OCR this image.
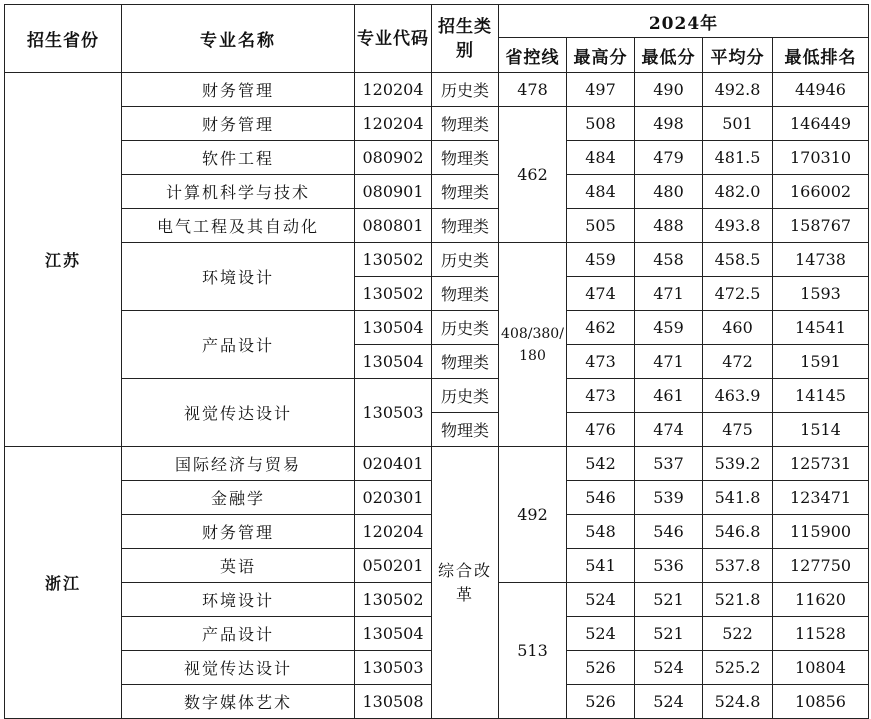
招生省份	专业名称	专业代码	招生类别	2024年				
				省控线	最高分	最低分	平均分	最低排名
江苏	财务管理	120204	历史类	478	497	490	492.8	44946
	财务管理	120204	物理类	462	508	498	501	146449
	软件工程	080902	物理类		484	479	481.5	170310
	计算机科学与技术	080901	物理类		484	480	482.0	166002
	电气工程及其自动化	080801	物理类		505	488	493.8	158767
	环境设计	130502	历史类	408/380/180	459	458	458.5	14738
		130502	物理类		474	471	472.5	1593
	产品设计	130504	历史类		462	459	460	14541
		130504	物理类		473	471	472	1591
	视觉传达设计	130503	历史类		473	461	463.9	14145
			物理类		476	474	475	1514
浙江	国际经济与贸易	020401	综合改革	492	542	537	539.2	125731
	金融学	020301			546	539	541.8	123471
	财务管理	120204			548	546	546.8	115900
	英语	050201			541	536	537.8	127750
	环境设计	130502		513	524	521	521.8	11620
	产品设计	130504			524	521	522	11528
	视觉传达设计	130503			526	524	525.2	10804
	数字媒体艺术	130508			526	524	524.8	10856
